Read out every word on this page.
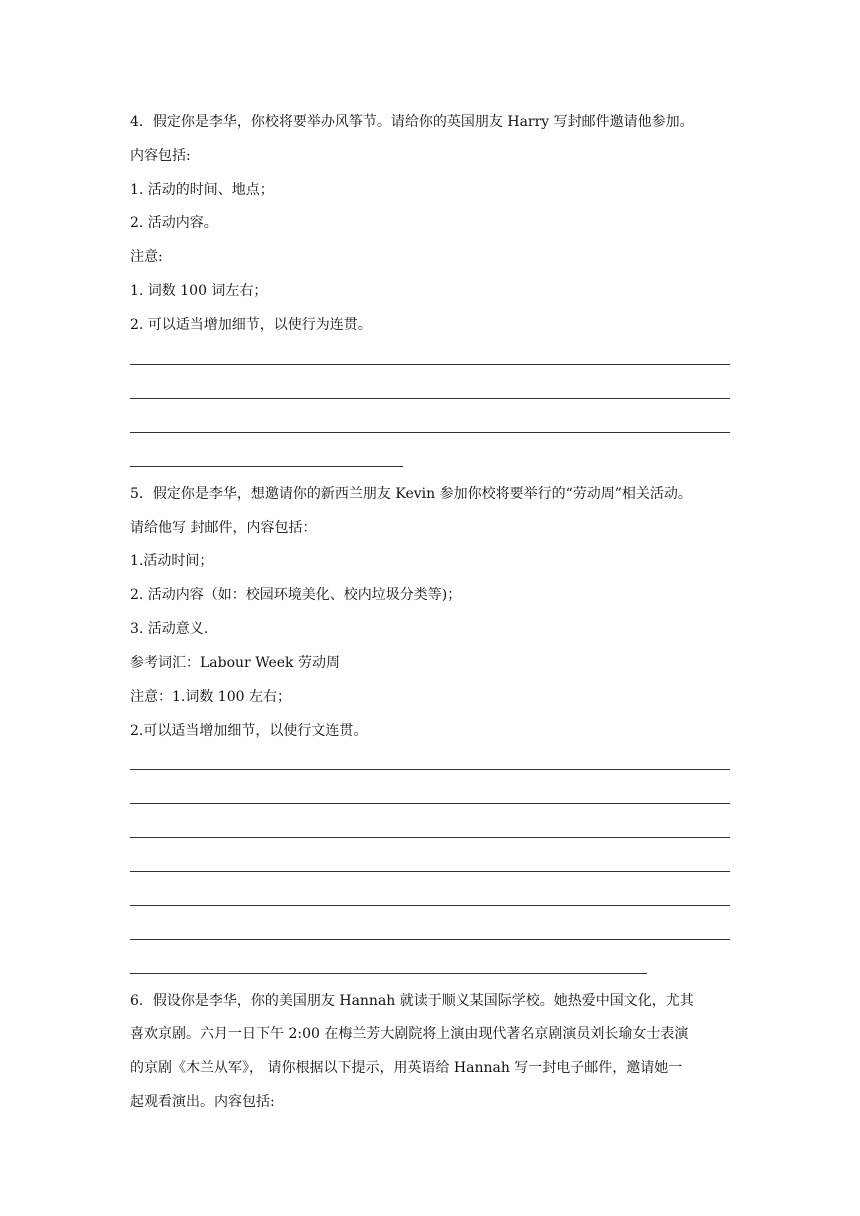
4．假定你是李华，你校将要举办风筝节。请给你的英国朋友 Harry 写封邮件邀请他参加。
内容包括:
1. 活动的时间、地点；
2. 活动内容。
注意:
1. 词数 100 词左右；
2. 可以适当增加细节，以使行为连贯。
5．假定你是李华，想邀请你的新西兰朋友 Kevin 参加你校将要举行的“劳动周”相关活动。
请给他写 封邮件，内容包括：
1.活动时间；
2. 活动内容（如：校园环境美化、校内垃圾分类等)；
3. 活动意义.
参考词汇：Labour Week 劳动周
注意：1.词数 100 左右；
2.可以适当增加细节，以使行文连贯。
6．假设你是李华，你的美国朋友 Hannah 就读于顺义某国际学校。她热爱中国文化，尤其
喜欢京剧。六月一日下午 2:00 在梅兰芳大剧院将上演由现代著名京剧演员刘长瑜女士表演
的京剧《木兰从军》， 请你根据以下提示，用英语给 Hannah 写一封电子邮件，邀请她一
起观看演出。内容包括:
